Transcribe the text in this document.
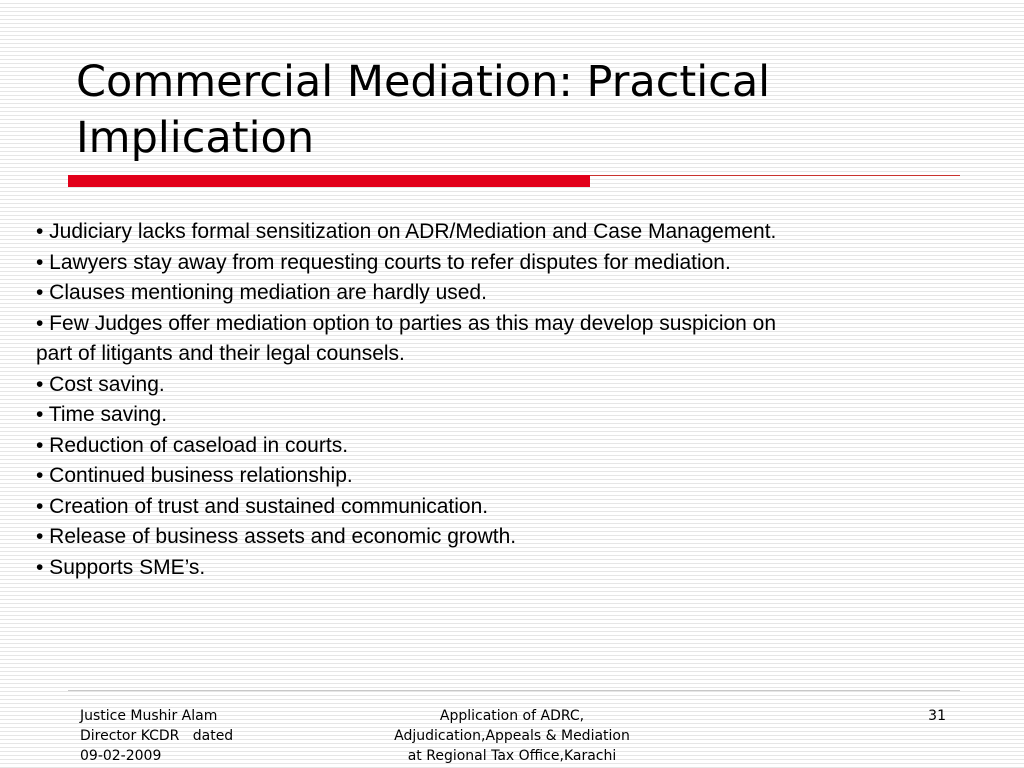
Commercial Mediation: Practical
Implication
• Judiciary lacks formal sensitization on ADR/Mediation and Case Management.
• Lawyers stay away from requesting courts to refer disputes for mediation.
• Clauses mentioning mediation are hardly used.
• Few Judges offer mediation option to parties as this may develop suspicion on part of litigants and their legal counsels.
• Cost saving.
• Time saving.
• Reduction of caseload in courts.
• Continued business relationship.
• Creation of trust and sustained communication.
• Release of business assets and economic growth.
• Supports SME’s.
Justice Mushir Alam
Director KCDR   dated
09-02-2009
Application of ADRC,
Adjudication,Appeals & Mediation
at Regional Tax Office,Karachi
31
